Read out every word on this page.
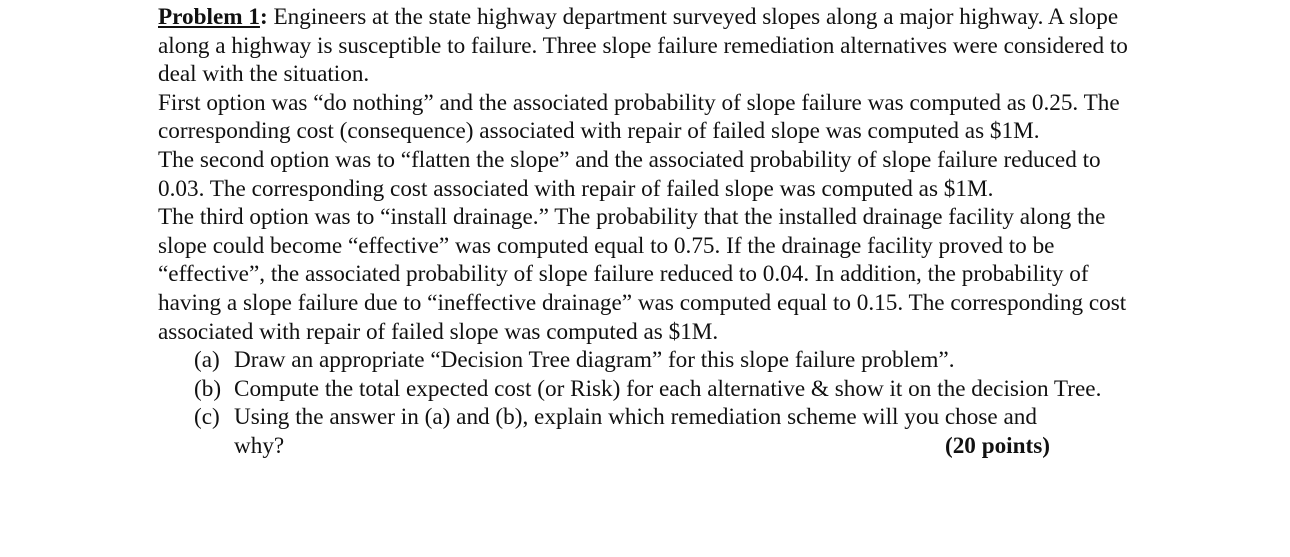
Problem 1: Engineers at the state highway department surveyed slopes along a major highway. A slope along a highway is susceptible to failure. Three slope failure remediation alternatives were considered to deal with the situation.

First option was “do nothing” and the associated probability of slope failure was computed as 0.25. The corresponding cost (consequence) associated with repair of failed slope was computed as $1M.

The second option was to “flatten the slope” and the associated probability of slope failure reduced to 0.03. The corresponding cost associated with repair of failed slope was computed as $1M.

The third option was to “install drainage.” The probability that the installed drainage facility along the slope could become “effective” was computed equal to 0.75. If the drainage facility proved to be “effective”, the associated probability of slope failure reduced to 0.04. In addition, the probability of having a slope failure due to “ineffective drainage” was computed equal to 0.15. The corresponding cost associated with repair of failed slope was computed as $1M.

(a) Draw an appropriate “Decision Tree diagram” for this slope failure problem”.
(b) Compute the total expected cost (or Risk) for each alternative & show it on the decision Tree.
(c) Using the answer in (a) and (b), explain which remediation scheme will you chose and
why?	(20 points)
